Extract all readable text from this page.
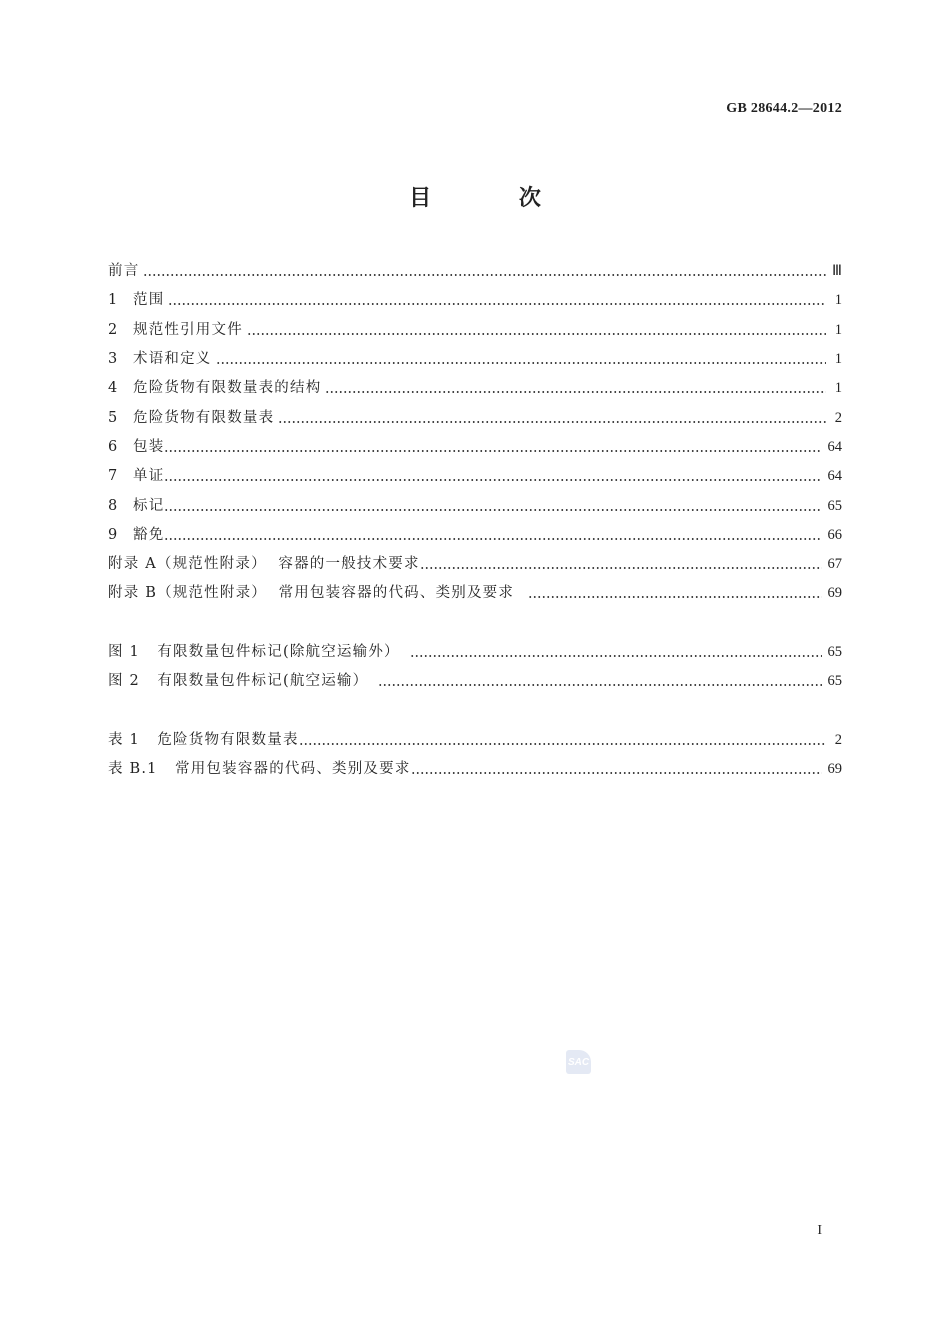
GB 28644.2—2012
目 次
前言	Ⅲ
1	范围	1
2	规范性引用文件	1
3	术语和定义	1
4	危险货物有限数量表的结构	1
5	危险货物有限数量表	2
6	包装	64
7	单证	64
8	标记	65
9	豁免	66
附录 A（规范性附录）  容器的一般技术要求	67
附录 B（规范性附录）  常用包装容器的代码、类别及要求	69
图 1   有限数量包件标记(除航空运输外）	65
图 2   有限数量包件标记(航空运输）	65
表 1   危险货物有限数量表	2
表 B.1   常用包装容器的代码、类别及要求	69
SAC
I
